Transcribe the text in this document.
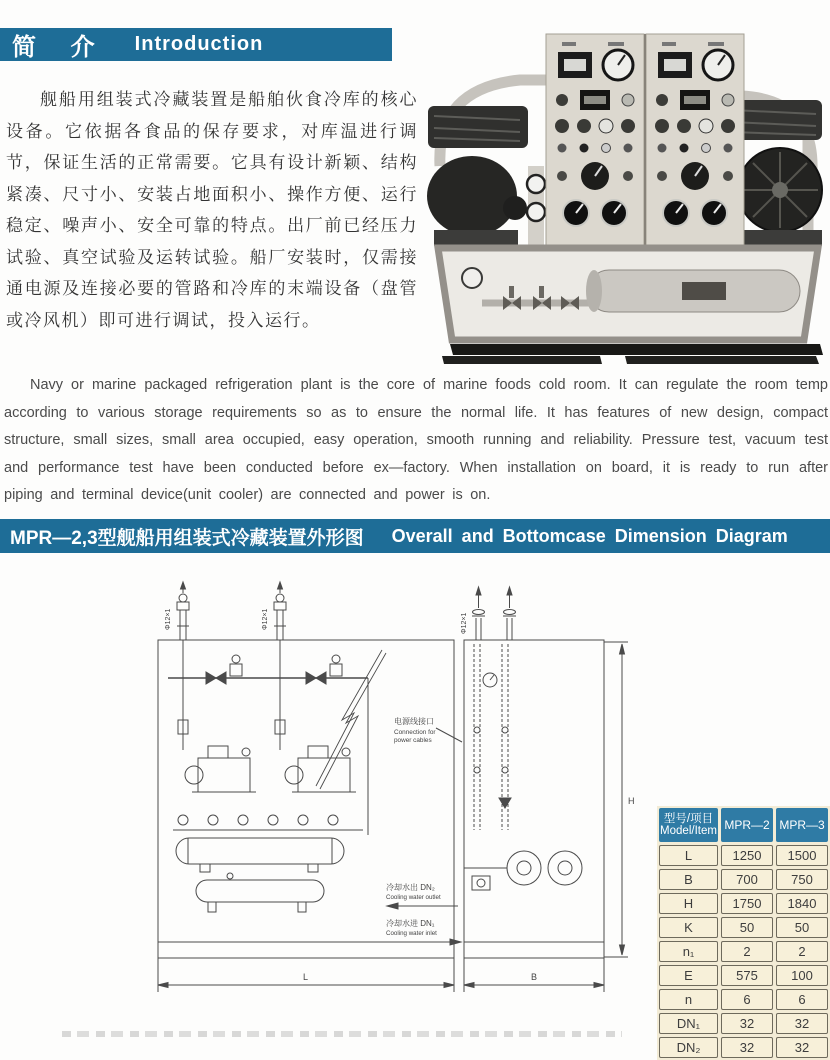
简 介 Introduction

舰船用组装式冷藏装置是船舶伙食冷库的核心设备。它依据各食品的保存要求，对库温进行调节，保证生活的正常需要。它具有设计新颖、结构紧凑、尺寸小、安装占地面积小、操作方便、运行稳定、噪声小、安全可靠的特点。出厂前已经压力试验、真空试验及运转试验。船厂安装时，仅需接通电源及连接必要的管路和冷库的末端设备（盘管或冷风机）即可进行调试，投入运行。

Navy or marine packaged refrigeration plant is the core of marine foods cold room. It can regulate the room temp according to various storage requirements so as to ensure the normal life. It has features of new design, compact structure, small sizes, small area occupied, easy operation, smooth running and reliability. Pressure test, vacuum test and performance test have been conducted before ex—factory. When installation on board, it is ready to run after piping and terminal device(unit cooler) are connected and power is on.

MPR—2,3型舰船用组装式冷藏装置外形图 Overall and Bottomcase Dimension Diagram
Φ12×1	Φ12×1	Φ12×1
电源线接口
Connection for
power cables
冷却水出 DN₂
Cooling water outlet
冷却水进 DN₁
Cooling water inlet
L	B
H
型号/项目
Model/Item MPR—2 MPR—3
L	1250	1500
B	700	750
H	1750	1840
K	50	50
n₁	2	2
E	575	100
n	6	6
DN₁	32	32
DN₂	32	32
